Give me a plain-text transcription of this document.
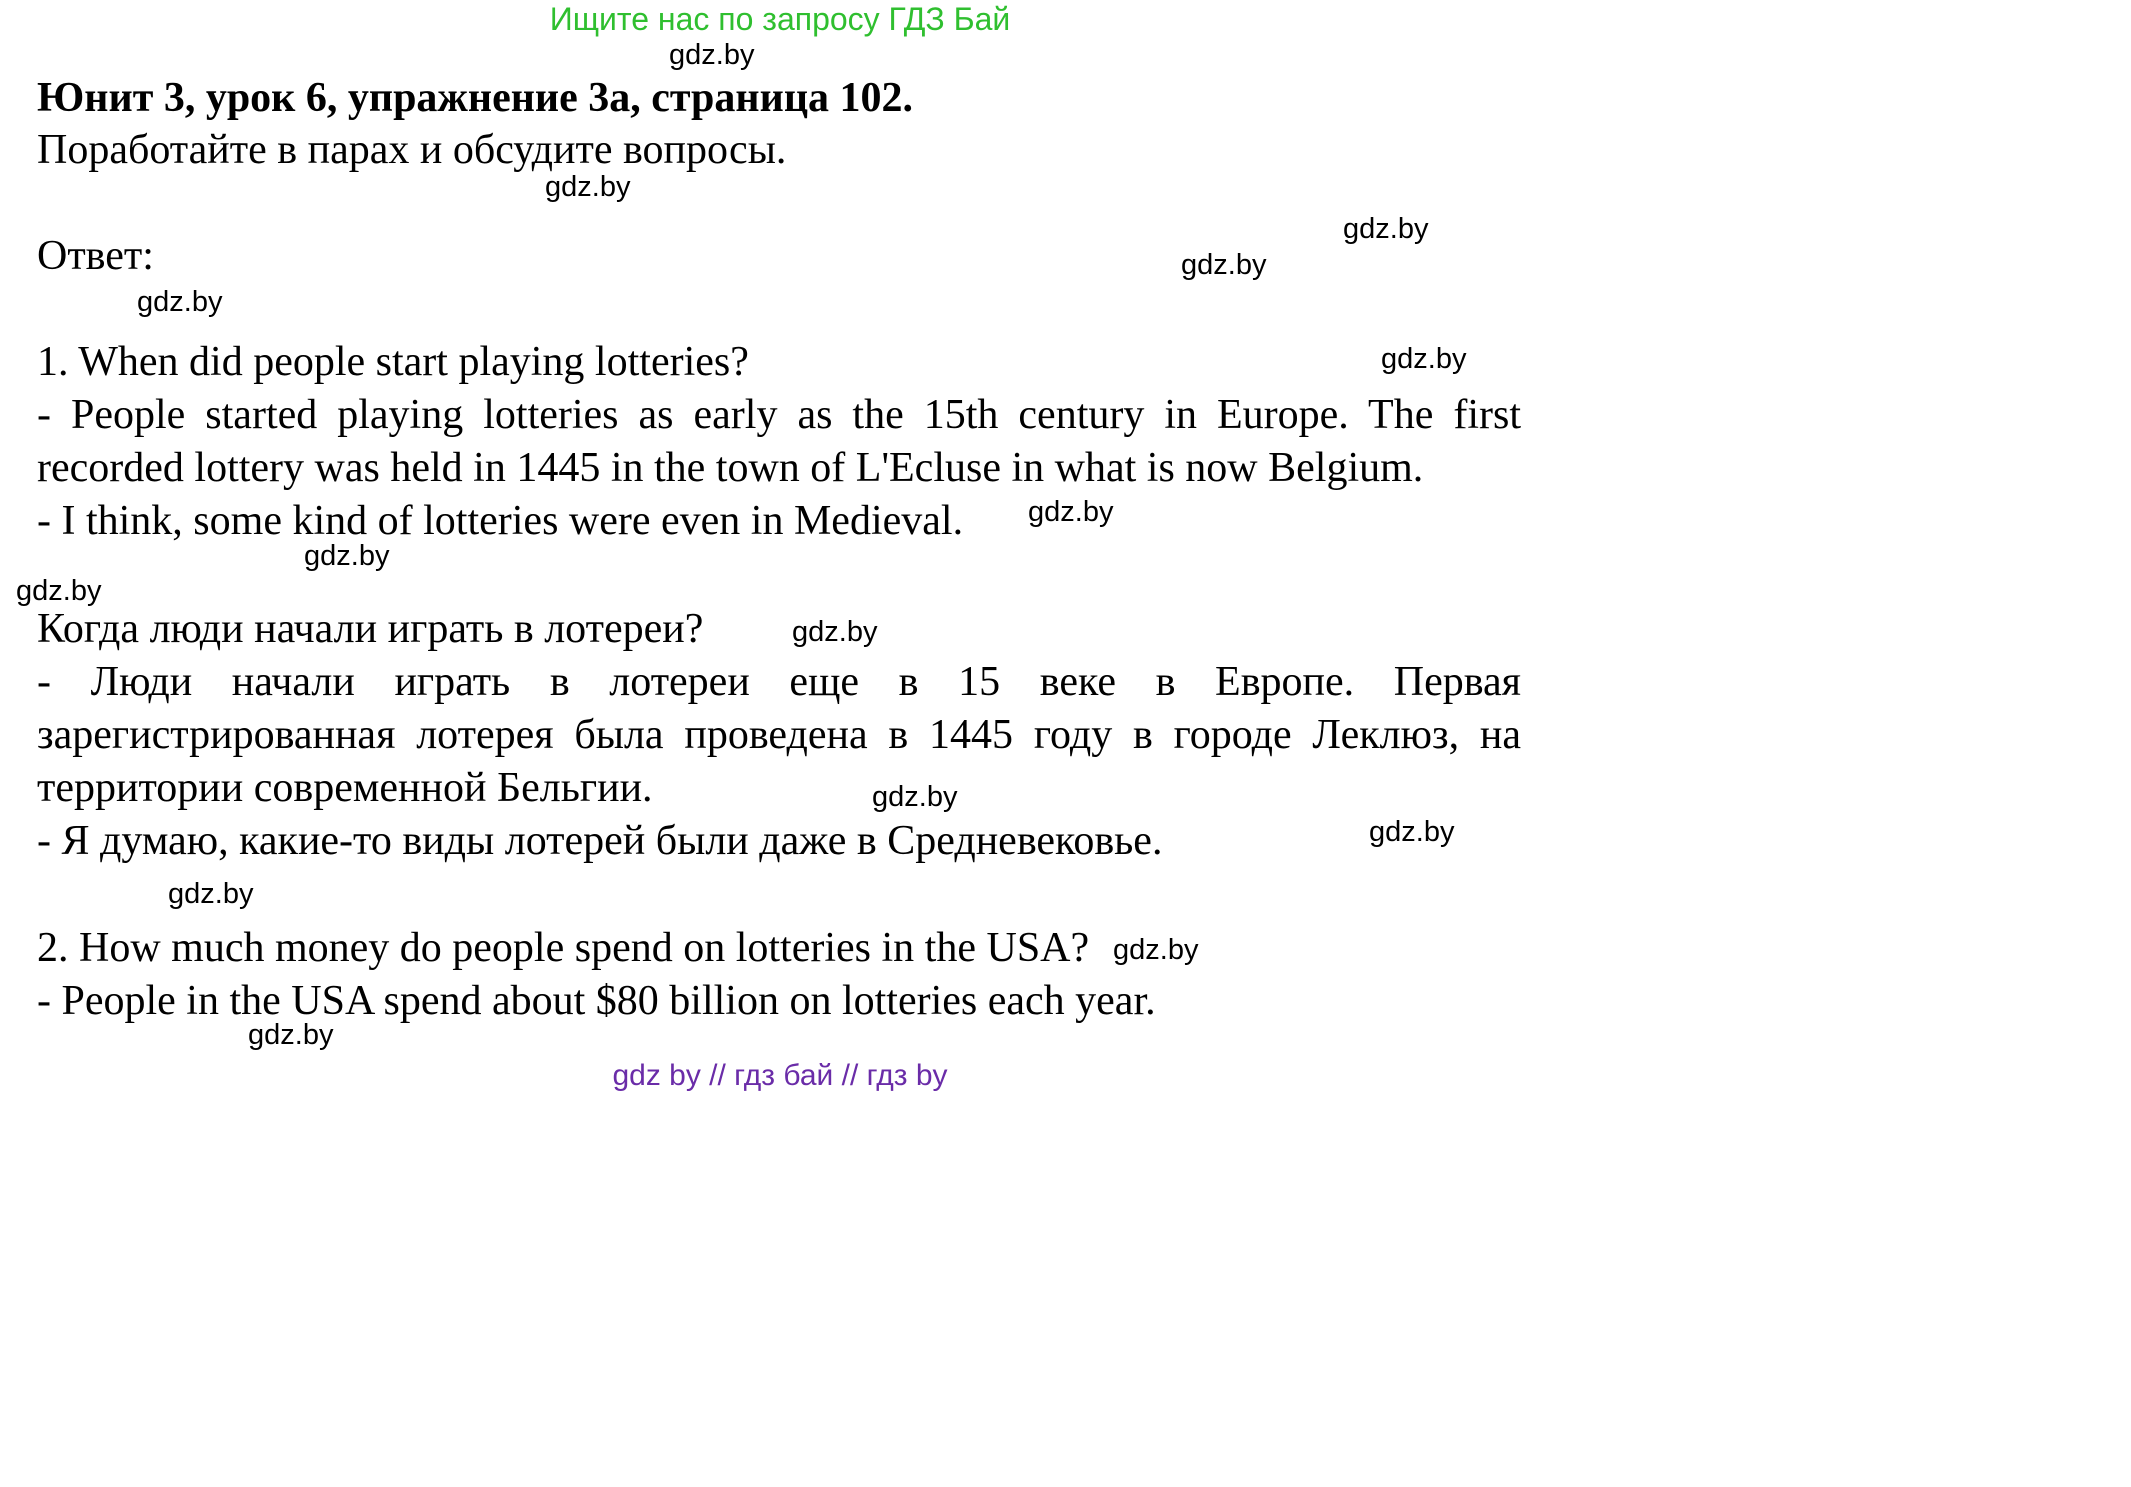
Ищите нас по запросу ГДЗ Бай
Юнит 3, урок 6, упражнение 3а, страница 102.
Поработайте в парах и обсудите вопросы.
Ответ:
1. When did people start playing lotteries?
- People started playing lotteries as early as the 15th century in Europe. The first recorded lottery was held in 1445 in the town of L'Ecluse in what is now Belgium.
- I think, some kind of lotteries were even in Medieval.
Когда люди начали играть в лотереи?
- Люди начали играть в лотереи еще в 15 веке в Европе. Первая зарегистрированная лотерея была проведена в 1445 году в городе Леклюз, на территории современной Бельгии.
- Я думаю, какие-то виды лотерей были даже в Средневековье.
2. How much money do people spend on lotteries in the USA?
- People in the USA spend about $80 billion on lotteries each year.
gdz.by
gdz.by
gdz.by
gdz.by
gdz.by
gdz.by
gdz.by
gdz.by
gdz.by
gdz.by
gdz.by
gdz.by
gdz.by
gdz.by
gdz.by
gdz by // гдз бай // гдз by
